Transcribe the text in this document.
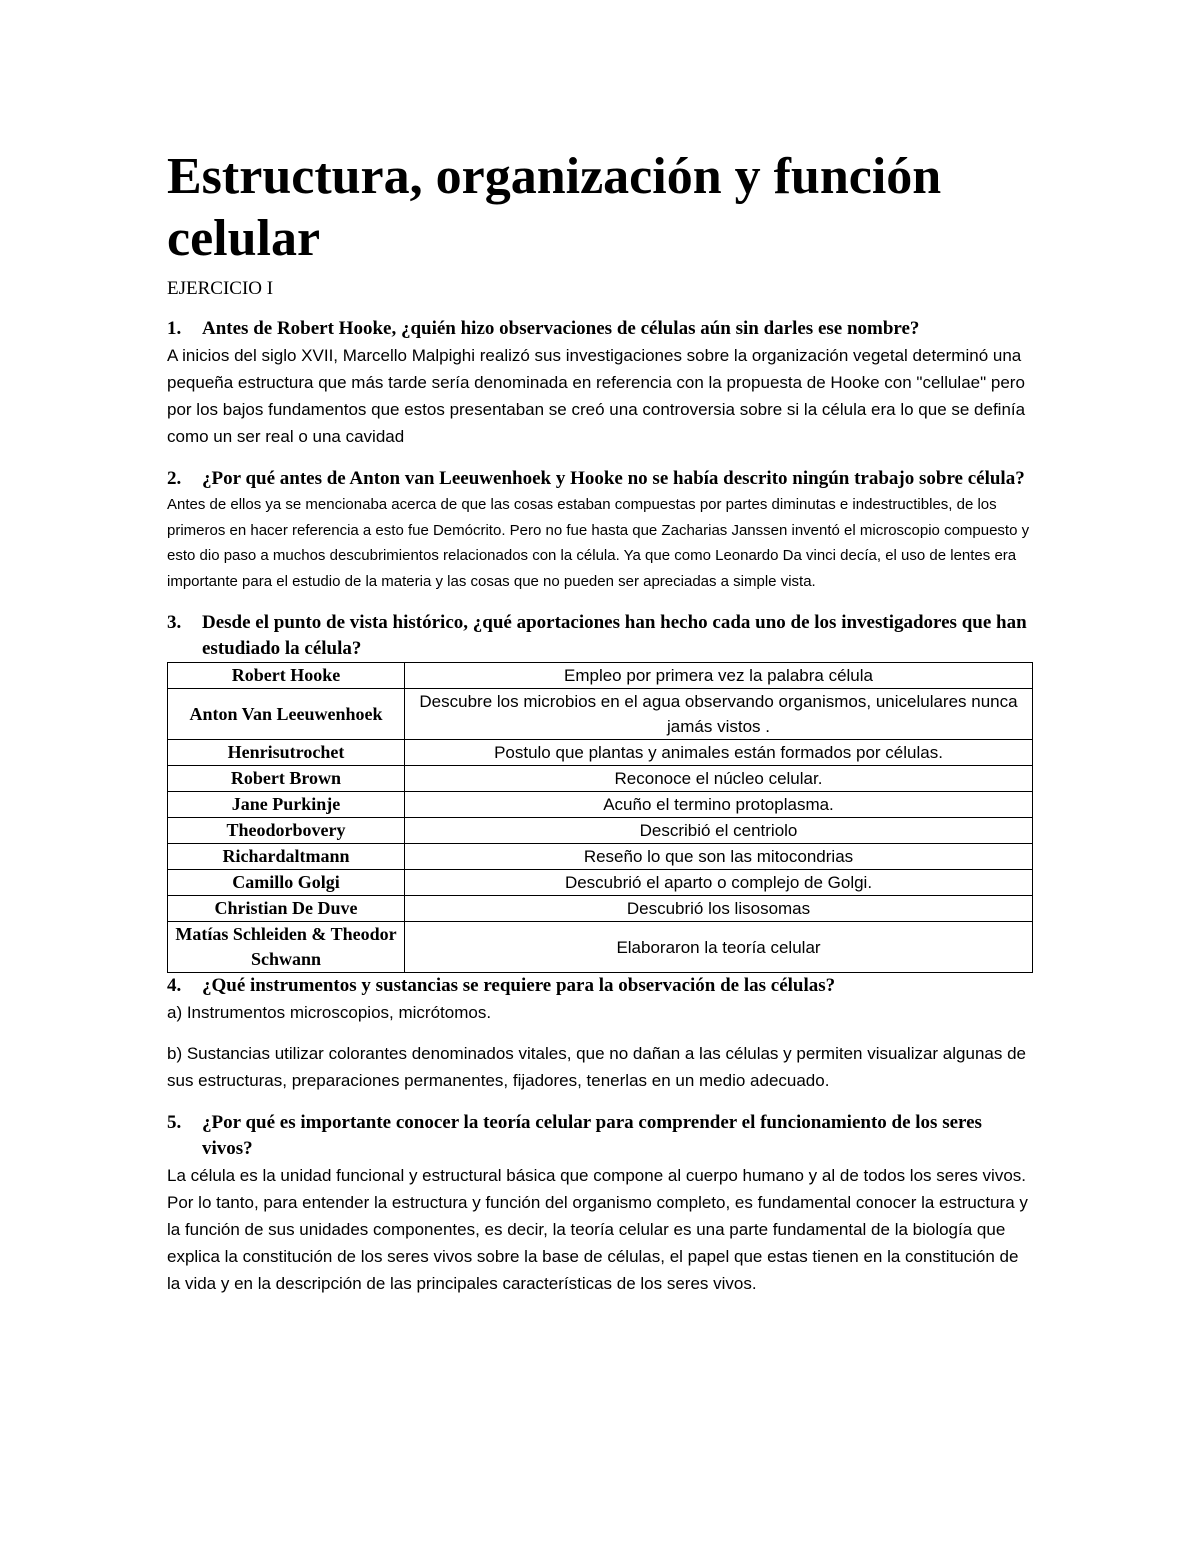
Estructura, organización y función celular

EJERCICIO I

1.	Antes de Robert Hooke, ¿quién hizo observaciones de células aún sin darles ese nombre?

A inicios del siglo XVII, Marcello Malpighi realizó sus investigaciones sobre la organización vegetal determinó una pequeña estructura que más tarde sería denominada en referencia con la propuesta de Hooke con "cellulae" pero por los bajos fundamentos que estos presentaban se creó una controversia sobre si la célula era lo que se definía como un ser real o una cavidad

2.	¿Por qué antes de Anton van Leeuwenhoek y Hooke no se había descrito ningún trabajo sobre célula?

Antes de ellos ya se mencionaba acerca de que las cosas estaban compuestas por partes diminutas e indestructibles, de los primeros en hacer referencia a esto fue Demócrito. Pero no fue hasta que Zacharias Janssen inventó el microscopio compuesto y esto dio paso a muchos descubrimientos relacionados con la célula. Ya que como Leonardo Da vinci decía, el uso de lentes era importante para el estudio de la materia y las cosas que no pueden ser apreciadas a simple vista.

3.	Desde el punto de vista histórico, ¿qué aportaciones han hecho cada uno de los investigadores que han estudiado la célula?
Robert Hooke	Empleo por primera vez la palabra célula
Anton Van Leeuwenhoek	Descubre los microbios en el agua observando organismos, unicelulares nunca jamás vistos .
Henrisutrochet	Postulo que plantas y animales están formados por células.
Robert Brown	Reconoce el núcleo celular.
Jane Purkinje	Acuño el termino protoplasma.
Theodorbovery	Describió el centriolo
Richardaltmann	Reseño lo que son las mitocondrias
Camillo Golgi	Descubrió el aparto o complejo de Golgi.
Christian De Duve	Descubrió los lisosomas
Matías Schleiden & Theodor Schwann	Elaboraron la teoría celular
4.	¿Qué instrumentos y sustancias se requiere para la observación de las células?

a) Instrumentos microscopios, micrótomos.

b) Sustancias utilizar colorantes denominados vitales, que no dañan a las células y permiten visualizar algunas de sus estructuras, preparaciones permanentes, fijadores, tenerlas en un medio adecuado.

5.	¿Por qué es importante conocer la teoría celular para comprender el funcionamiento de los seres vivos?

La célula es la unidad funcional y estructural básica que compone al cuerpo humano y al de todos los seres vivos. Por lo tanto, para entender la estructura y función del organismo completo, es fundamental conocer la estructura y la función de sus unidades componentes, es decir, la teoría celular es una parte fundamental de la biología que explica la constitución de los seres vivos sobre la base de células, el papel que estas tienen en la constitución de la vida y en la descripción de las principales características de los seres vivos.
